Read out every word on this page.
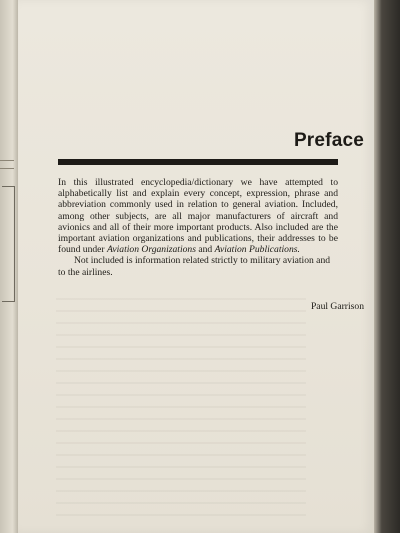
Preface

In this illustrated encyclopedia/dictionary we have attempted to alphabetically list and explain every concept, expression, phrase and abbreviation commonly used in relation to general aviation. Included, among other subjects, are all major manufacturers of aircraft and avionics and all of their more important products. Also included are the important aviation organizations and publications, their addresses to be found under Aviation Organizations and Aviation Publications.

Not included is information related strictly to military aviation and to the airlines.

Paul Garrison
